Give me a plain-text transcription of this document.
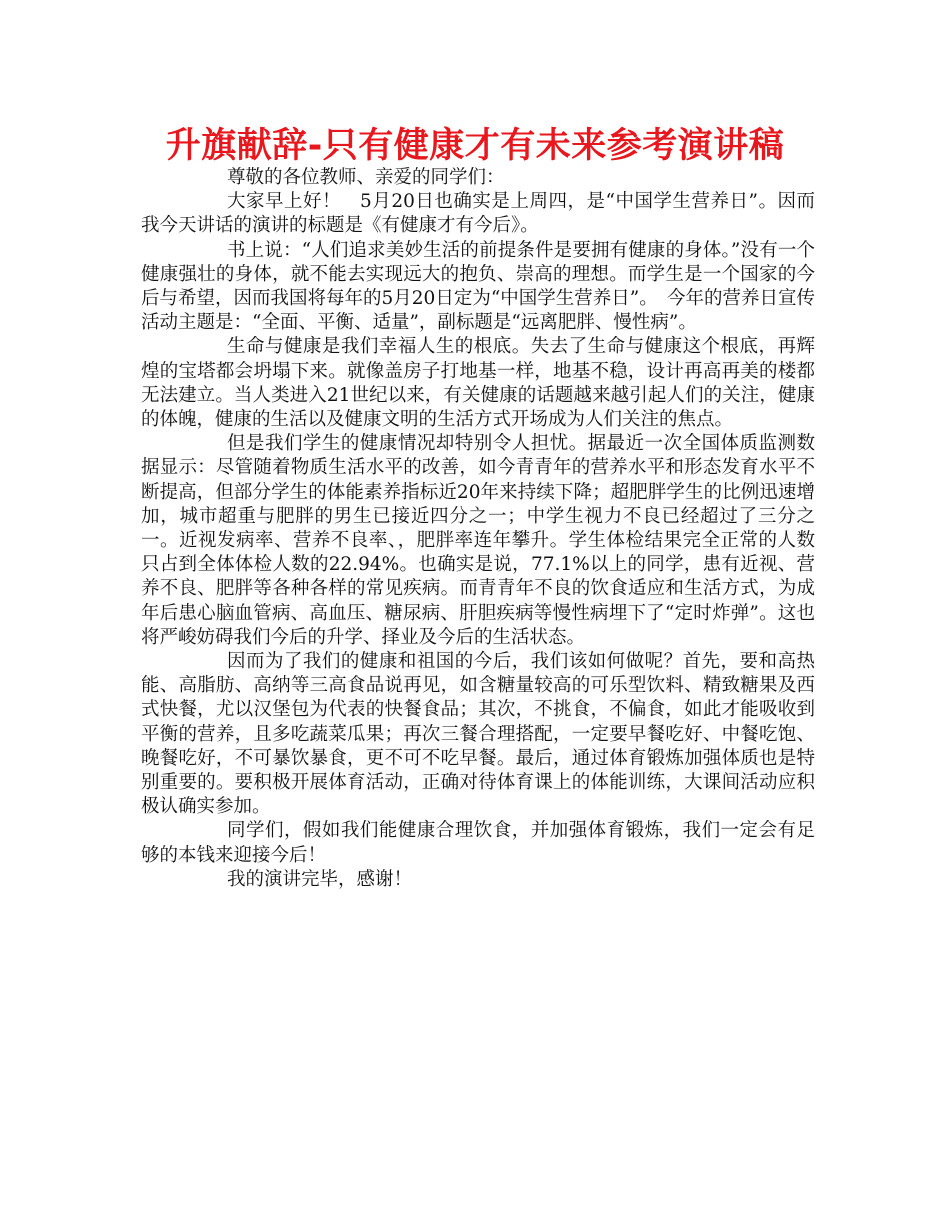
升旗献辞-只有健康才有未来参考演讲稿

尊敬的各位教师、亲爱的同学们：

大家早上好！　5月20日也确实是上周四，是“中国学生营养日”。因而我今天讲话的演讲的标题是《有健康才有今后》。

书上说：“人们追求美妙生活的前提条件是要拥有健康的身体。”没有一个健康强壮的身体，就不能去实现远大的抱负、崇高的理想。而学生是一个国家的今后与希望，因而我国将每年的5月20日定为“中国学生营养日”。　今年的营养日宣传活动主题是：“全面、平衡、适量”，副标题是“远离肥胖、慢性病”。

生命与健康是我们幸福人生的根底。失去了生命与健康这个根底，再辉煌的宝塔都会坍塌下来。就像盖房子打地基一样，地基不稳，设计再高再美的楼都无法建立。当人类进入21世纪以来，有关健康的话题越来越引起人们的关注，健康的体魄，健康的生活以及健康文明的生活方式开场成为人们关注的焦点。

但是我们学生的健康情况却特别令人担忧。据最近一次全国体质监测数据显示：尽管随着物质生活水平的改善，如今青青年的营养水平和形态发育水平不断提高，但部分学生的体能素养指标近20年来持续下降；超肥胖学生的比例迅速增加，城市超重与肥胖的男生已接近四分之一；中学生视力不良已经超过了三分之一。近视发病率、营养不良率、，肥胖率连年攀升。学生体检结果完全正常的人数只占到全体体检人数的22.94%。也确实是说，77.1%以上的同学，患有近视、营养不良、肥胖等各种各样的常见疾病。而青青年不良的饮食适应和生活方式，为成年后患心脑血管病、高血压、糖尿病、肝胆疾病等慢性病埋下了“定时炸弹”。这也将严峻妨碍我们今后的升学、择业及今后的生活状态。

因而为了我们的健康和祖国的今后，我们该如何做呢？首先，要和高热能、高脂肪、高纳等三高食品说再见，如含糖量较高的可乐型饮料、精致糖果及西式快餐，尤以汉堡包为代表的快餐食品；其次，不挑食，不偏食，如此才能吸收到平衡的营养，且多吃蔬菜瓜果；再次三餐合理搭配，一定要早餐吃好、中餐吃饱、晚餐吃好，不可暴饮暴食，更不可不吃早餐。最后，通过体育锻炼加强体质也是特别重要的。要积极开展体育活动，正确对待体育课上的体能训练，大课间活动应积极认确实参加。

同学们，假如我们能健康合理饮食，并加强体育锻炼，我们一定会有足够的本钱来迎接今后！

我的演讲完毕，感谢！
